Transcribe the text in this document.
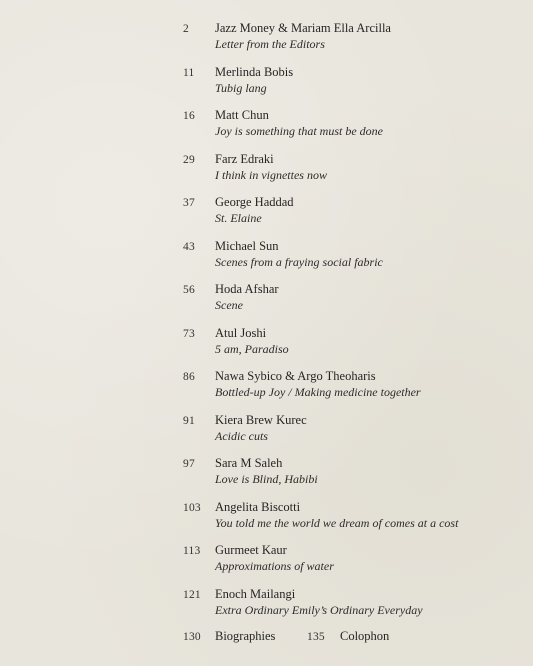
2	Jazz Money & Mariam Ella Arcilla
Letter from the Editors
11	Merlinda Bobis
Tubig lang
16	Matt Chun
Joy is something that must be done
29	Farz Edraki
I think in vignettes now
37	George Haddad
St. Elaine
43	Michael Sun
Scenes from a fraying social fabric
56	Hoda Afshar
Scene
73	Atul Joshi
5 am, Paradiso
86	Nawa Sybico & Argo Theoharis
Bottled-up Joy / Making medicine together
91	Kiera Brew Kurec
Acidic cuts
97	Sara M Saleh
Love is Blind, Habibi
103	Angelita Biscotti
You told me the world we dream of comes at a cost
113	Gurmeet Kaur
Approximations of water
121	Enoch Mailangi
Extra Ordinary Emily’s Ordinary Everyday
130	Biographies	135	Colophon
